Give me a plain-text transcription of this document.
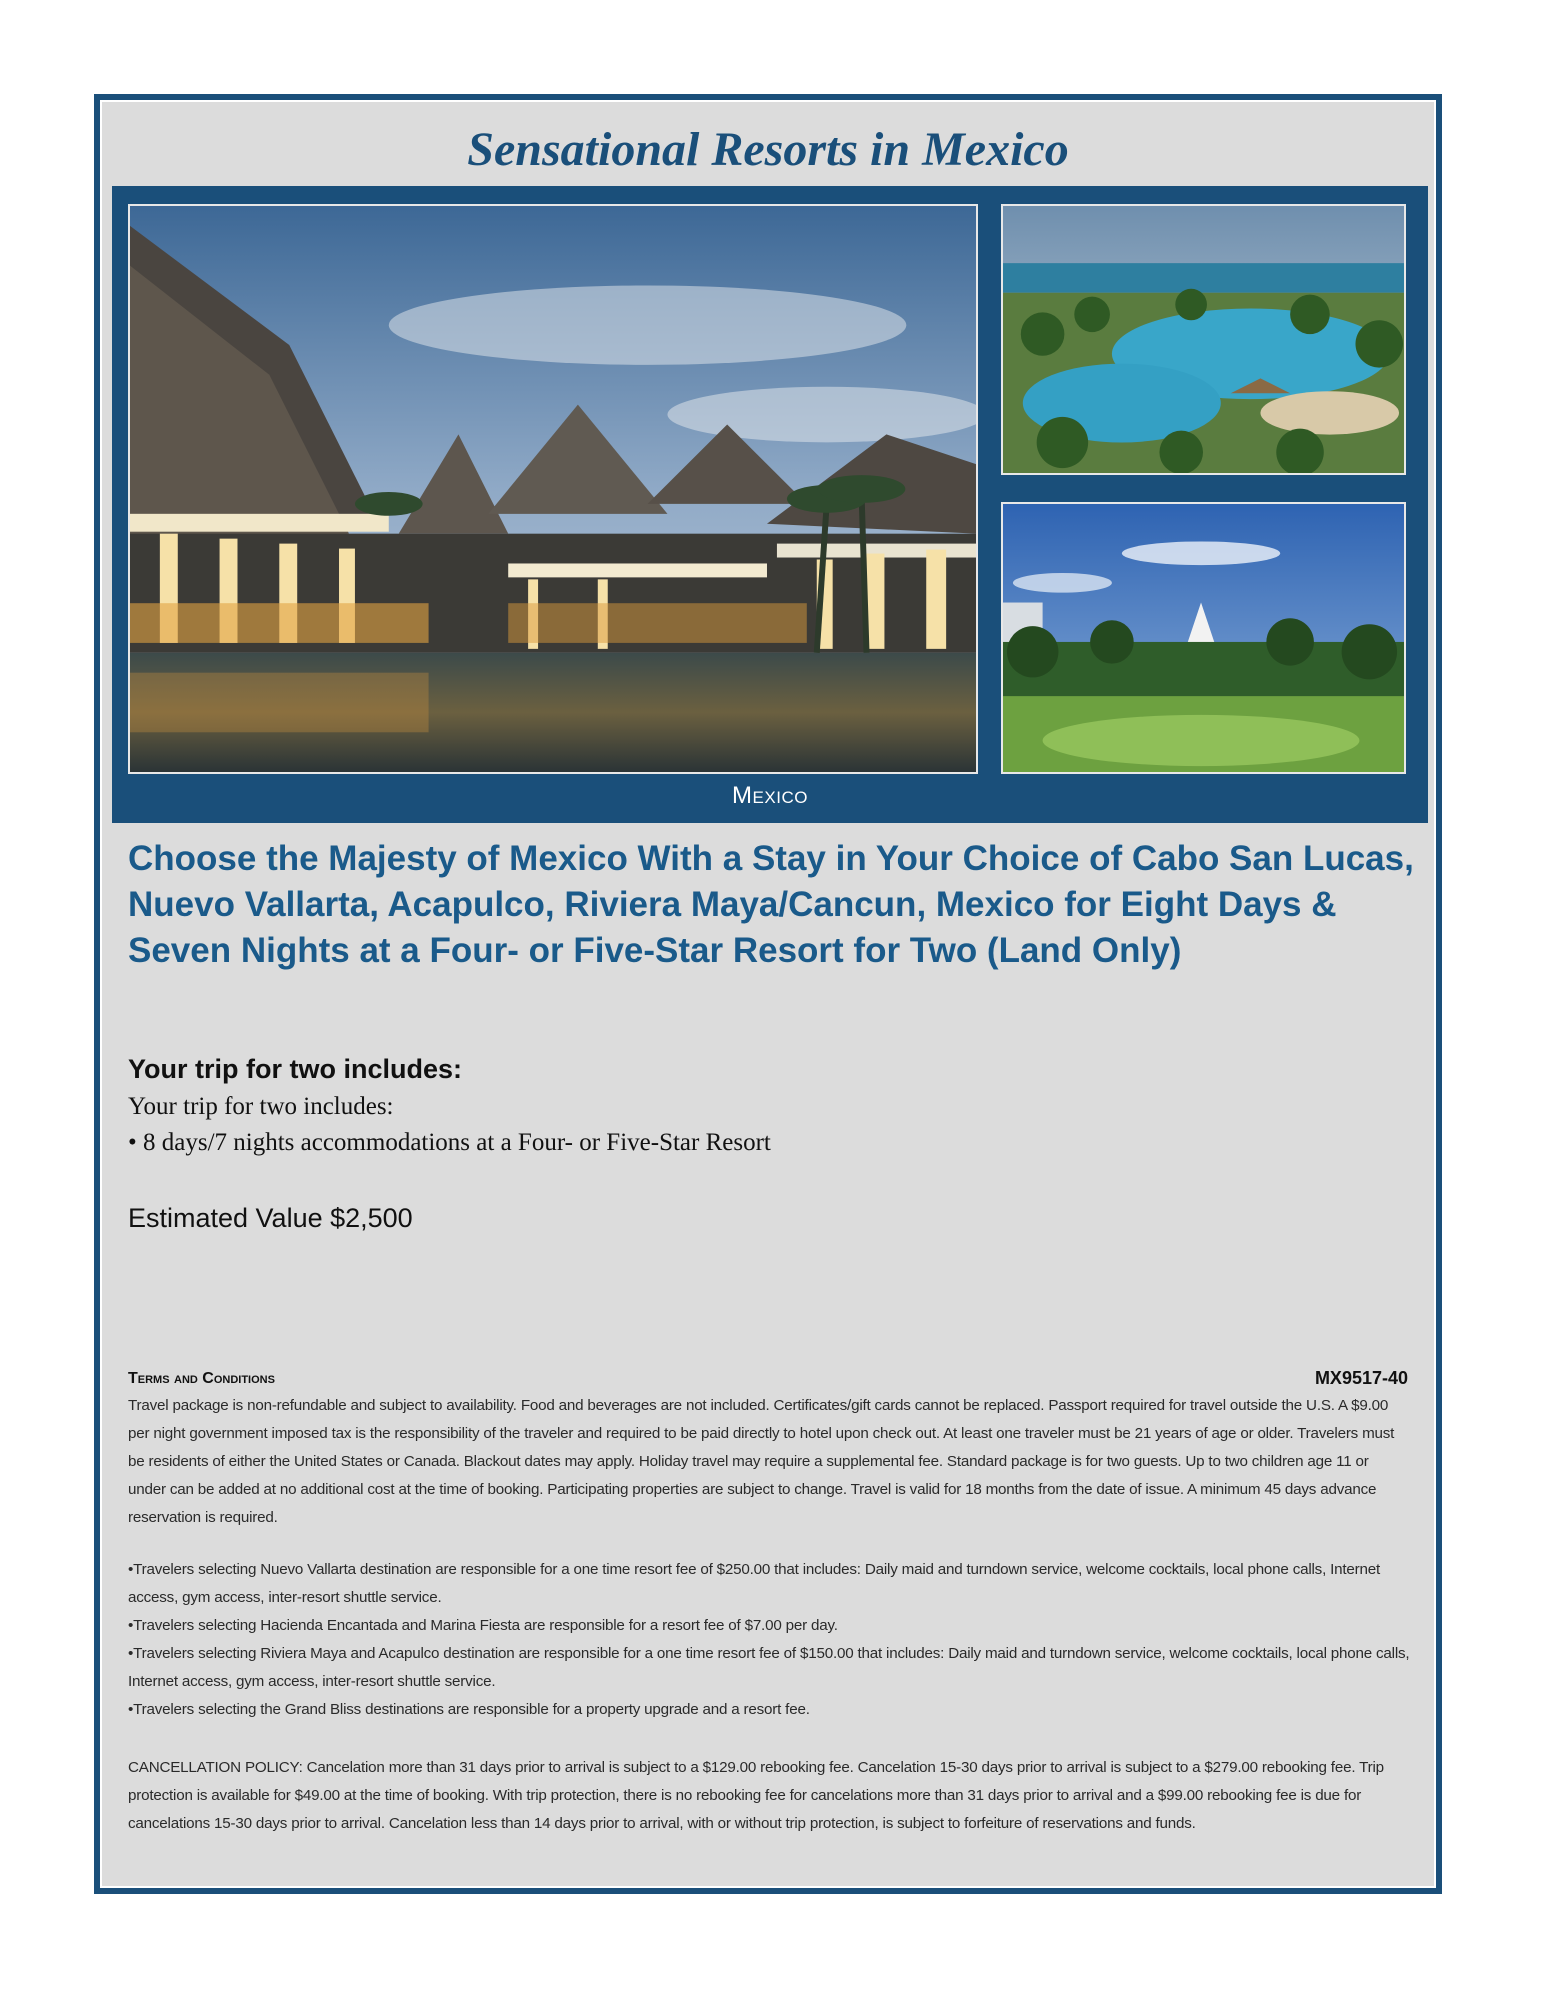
Sensational Resorts in Mexico
Mexico
Choose the Majesty of Mexico With a Stay in Your Choice of Cabo San Lucas, Nuevo Vallarta, Acapulco, Riviera Maya/Cancun, Mexico for Eight Days & Seven Nights at a Four- or Five-Star Resort for Two (Land Only)
Your trip for two includes:
Your trip for two includes:
• 8 days/7 nights accommodations at a Four- or Five-Star Resort
Estimated Value $2,500
Terms and Conditions	MX9517-40
Travel package is non-refundable and subject to availability. Food and beverages are not included. Certificates/gift cards cannot be replaced. Passport required for travel outside the U.S. A $9.00 per night government imposed tax is the responsibility of the traveler and required to be paid directly to hotel upon check out. At least one traveler must be 21 years of age or older. Travelers must be residents of either the United States or Canada. Blackout dates may apply. Holiday travel may require a supplemental fee. Standard package is for two guests. Up to two children age 11 or under can be added at no additional cost at the time of booking. Participating properties are subject to change. Travel is valid for 18 months from the date of issue. A minimum 45 days advance reservation is required.
•Travelers selecting Nuevo Vallarta destination are responsible for a one time resort fee of $250.00 that includes: Daily maid and turndown service, welcome cocktails, local phone calls, Internet access, gym access, inter-resort shuttle service.
•Travelers selecting Hacienda Encantada and Marina Fiesta are responsible for a resort fee of $7.00 per day.
•Travelers selecting Riviera Maya and Acapulco destination are responsible for a one time resort fee of $150.00 that includes: Daily maid and turndown service, welcome cocktails, local phone calls, Internet access, gym access, inter-resort shuttle service.
•Travelers selecting the Grand Bliss destinations are responsible for a property upgrade and a resort fee.
CANCELLATION POLICY: Cancelation more than 31 days prior to arrival is subject to a $129.00 rebooking fee. Cancelation 15-30 days prior to arrival is subject to a $279.00 rebooking fee. Trip protection is available for $49.00 at the time of booking. With trip protection, there is no rebooking fee for cancelations more than 31 days prior to arrival and a $99.00 rebooking fee is due for cancelations 15-30 days prior to arrival. Cancelation less than 14 days prior to arrival, with or without trip protection, is subject to forfeiture of reservations and funds.
